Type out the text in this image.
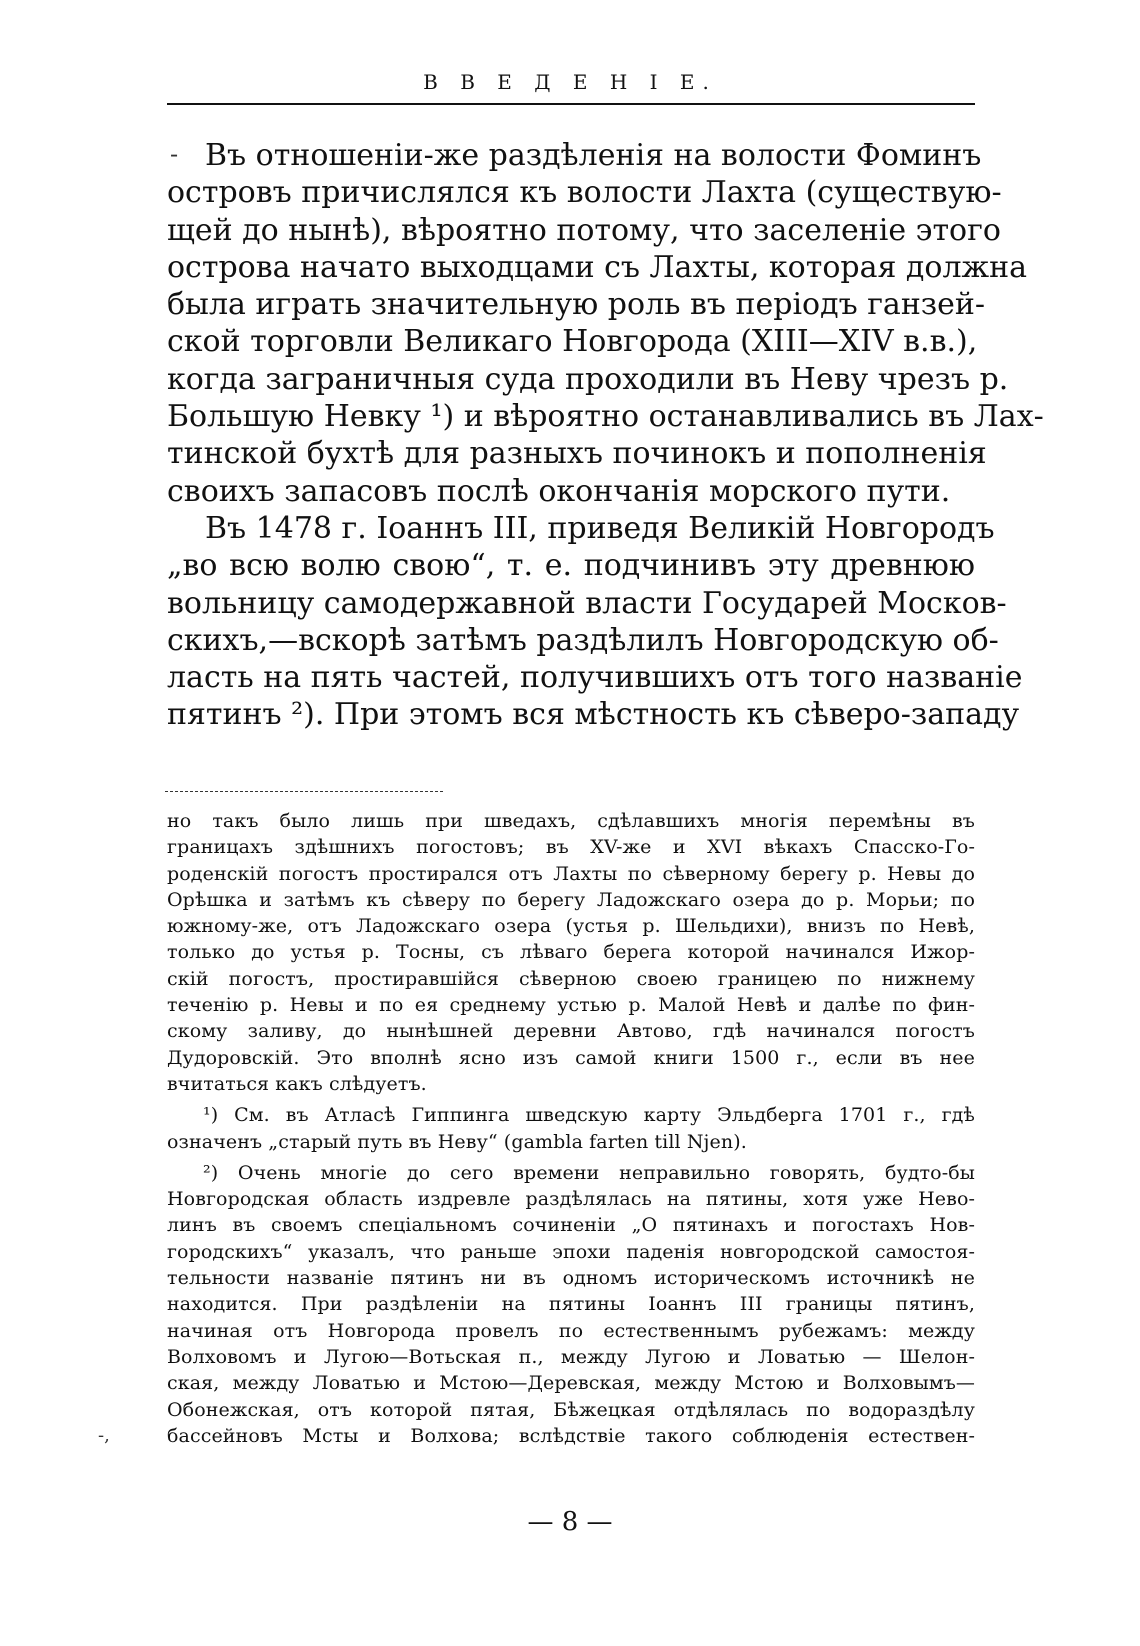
В В Е Д Е Н І Е.
- Въ отношеніи-же раздѣленія на волости Фоминъ
островъ причислялся къ волости Лахта (существую-
щей до нынѣ), вѣроятно потому, что заселеніе этого
острова начато выходцами съ Лахты, которая должна
была играть значительную роль въ періодъ ганзей-
ской торговли Великаго Новгорода (XIII—XIV в.в.),
когда заграничныя суда проходили въ Неву чрезъ р.
Большую Невку ¹) и вѣроятно останавливались въ Лах-
тинской бухтѣ для разныхъ починокъ и пополненія
своихъ запасовъ послѣ окончанія морского пути.
Въ 1478 г. Іоаннъ III, приведя Великій Новгородъ
„во всю волю свою“, т. е. подчинивъ эту древнюю
вольницу самодержавной власти Государей Москов-
скихъ,—вскорѣ затѣмъ раздѣлилъ Новгородскую об-
ласть на пять частей, получившихъ отъ того названіе
пятинъ ²). При этомъ вся мѣстность къ сѣверо-западу
но такъ было лишь при шведахъ, сдѣлавшихъ многія перемѣны въ
границахъ здѣшнихъ погостовъ; въ XV-же и XVI вѣкахъ Спасско-Го-
роденскій погостъ простирался отъ Лахты по сѣверному берегу р. Невы до
Орѣшка и затѣмъ къ сѣверу по берегу Ладожскаго озера до р. Морьи; по
южному-же, отъ Ладожскаго озера (устья р. Шельдихи), внизъ по Невѣ,
только до устья р. Тосны, съ лѣваго берега которой начинался Ижор-
скій погостъ, простиравшійся сѣверною своею границею по нижнему
теченію р. Невы и по ея среднему устью р. Малой Невѣ и далѣе по фин-
скому заливу, до нынѣшней деревни Автово, гдѣ начинался погостъ
Дудоровскій. Это вполнѣ ясно изъ самой книги 1500 г., если въ нее
вчитаться какъ слѣдуетъ.
¹) См. въ Атласѣ Гиппинга шведскую карту Эльдберга 1701 г., гдѣ
означенъ „старый путь въ Неву“ (gambla farten till Njen).
²) Очень многіе до сего времени неправильно говорять, будто-бы
Новгородская область издревле раздѣлялась на пятины, хотя уже Нево-
линъ въ своемъ спеціальномъ сочиненіи „О пятинахъ и погостахъ Нов-
городскихъ“ указалъ, что раньше эпохи паденія новгородской самостоя-
тельности названіе пятинъ ни въ одномъ историческомъ источникѣ не
находится. При раздѣленіи на пятины Іоаннъ III границы пятинъ,
начиная отъ Новгорода провелъ по естественнымъ рубежамъ: между
Волховомъ и Лугою—Вотьская п., между Лугою и Ловатью — Шелон-
ская, между Ловатью и Мстою—Деревская, между Мстою и Волховымъ—
Обонежская, отъ которой пятая, Бѣжецкая отдѣлялась по водораздѣлу
бассейновъ Мсты и Волхова; вслѣдствіе такого соблюденія естествен-
-,
— 8 —
